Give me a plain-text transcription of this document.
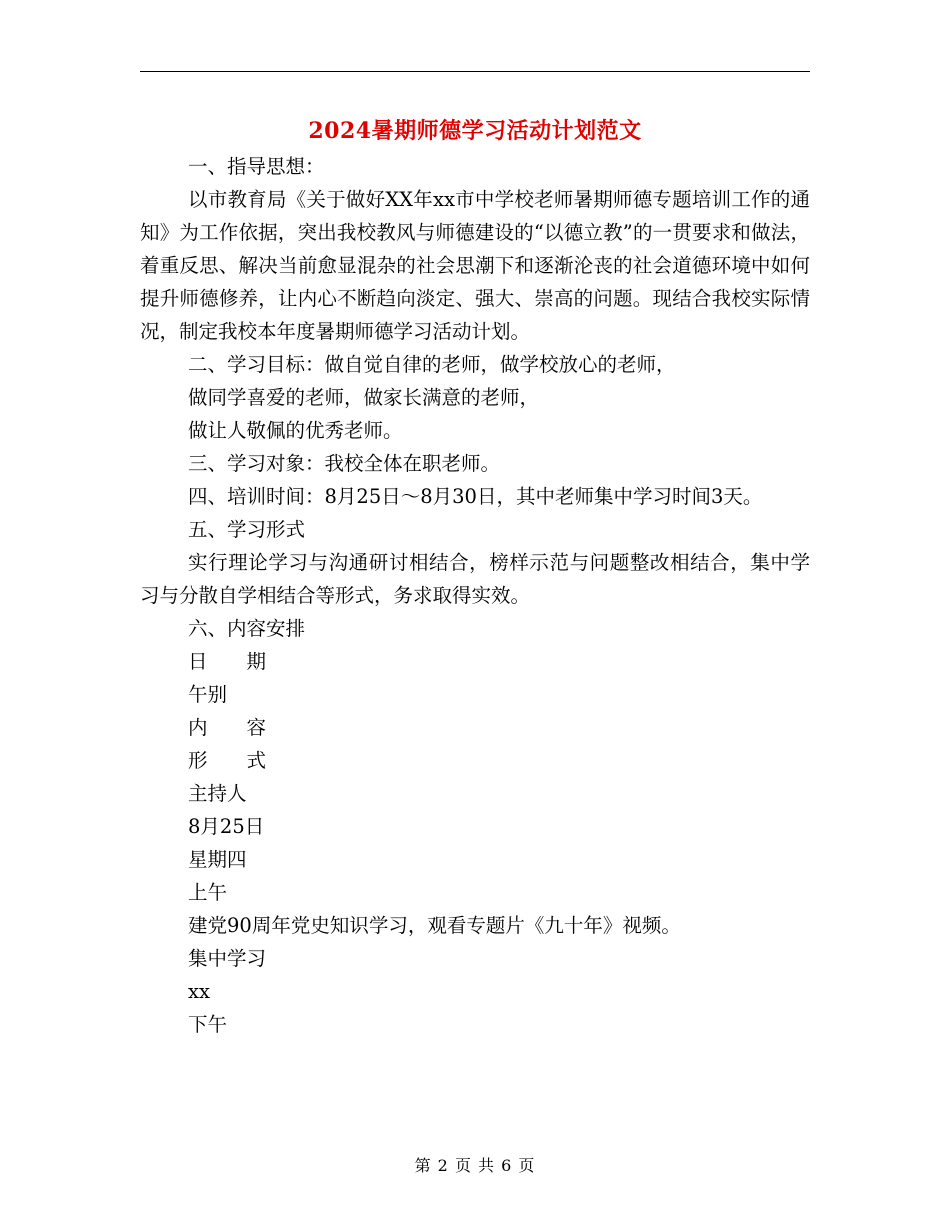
2024暑期师德学习活动计划范文

一、指导思想：

以市教育局《关于做好XX年xx市中学校老师暑期师德专题培训工作的通知》为工作依据，突出我校教风与师德建设的“以德立教”的一贯要求和做法，着重反思、解决当前愈显混杂的社会思潮下和逐渐沦丧的社会道德环境中如何提升师德修养，让内心不断趋向淡定、强大、崇高的问题。现结合我校实际情况，制定我校本年度暑期师德学习活动计划。

二、学习目标：做自觉自律的老师，做学校放心的老师，

做同学喜爱的老师，做家长满意的老师，

做让人敬佩的优秀老师。

三、学习对象：我校全体在职老师。

四、培训时间：8月25日～8月30日，其中老师集中学习时间3天。

五、学习形式

实行理论学习与沟通研讨相结合，榜样示范与问题整改相结合，集中学习与分散自学相结合等形式，务求取得实效。

六、内容安排

日　　期

午别

内　　容

形　　式

主持人

8月25日

星期四

上午

建党90周年党史知识学习，观看专题片《九十年》视频。

集中学习

xx

下午

第 2 页 共 6 页
